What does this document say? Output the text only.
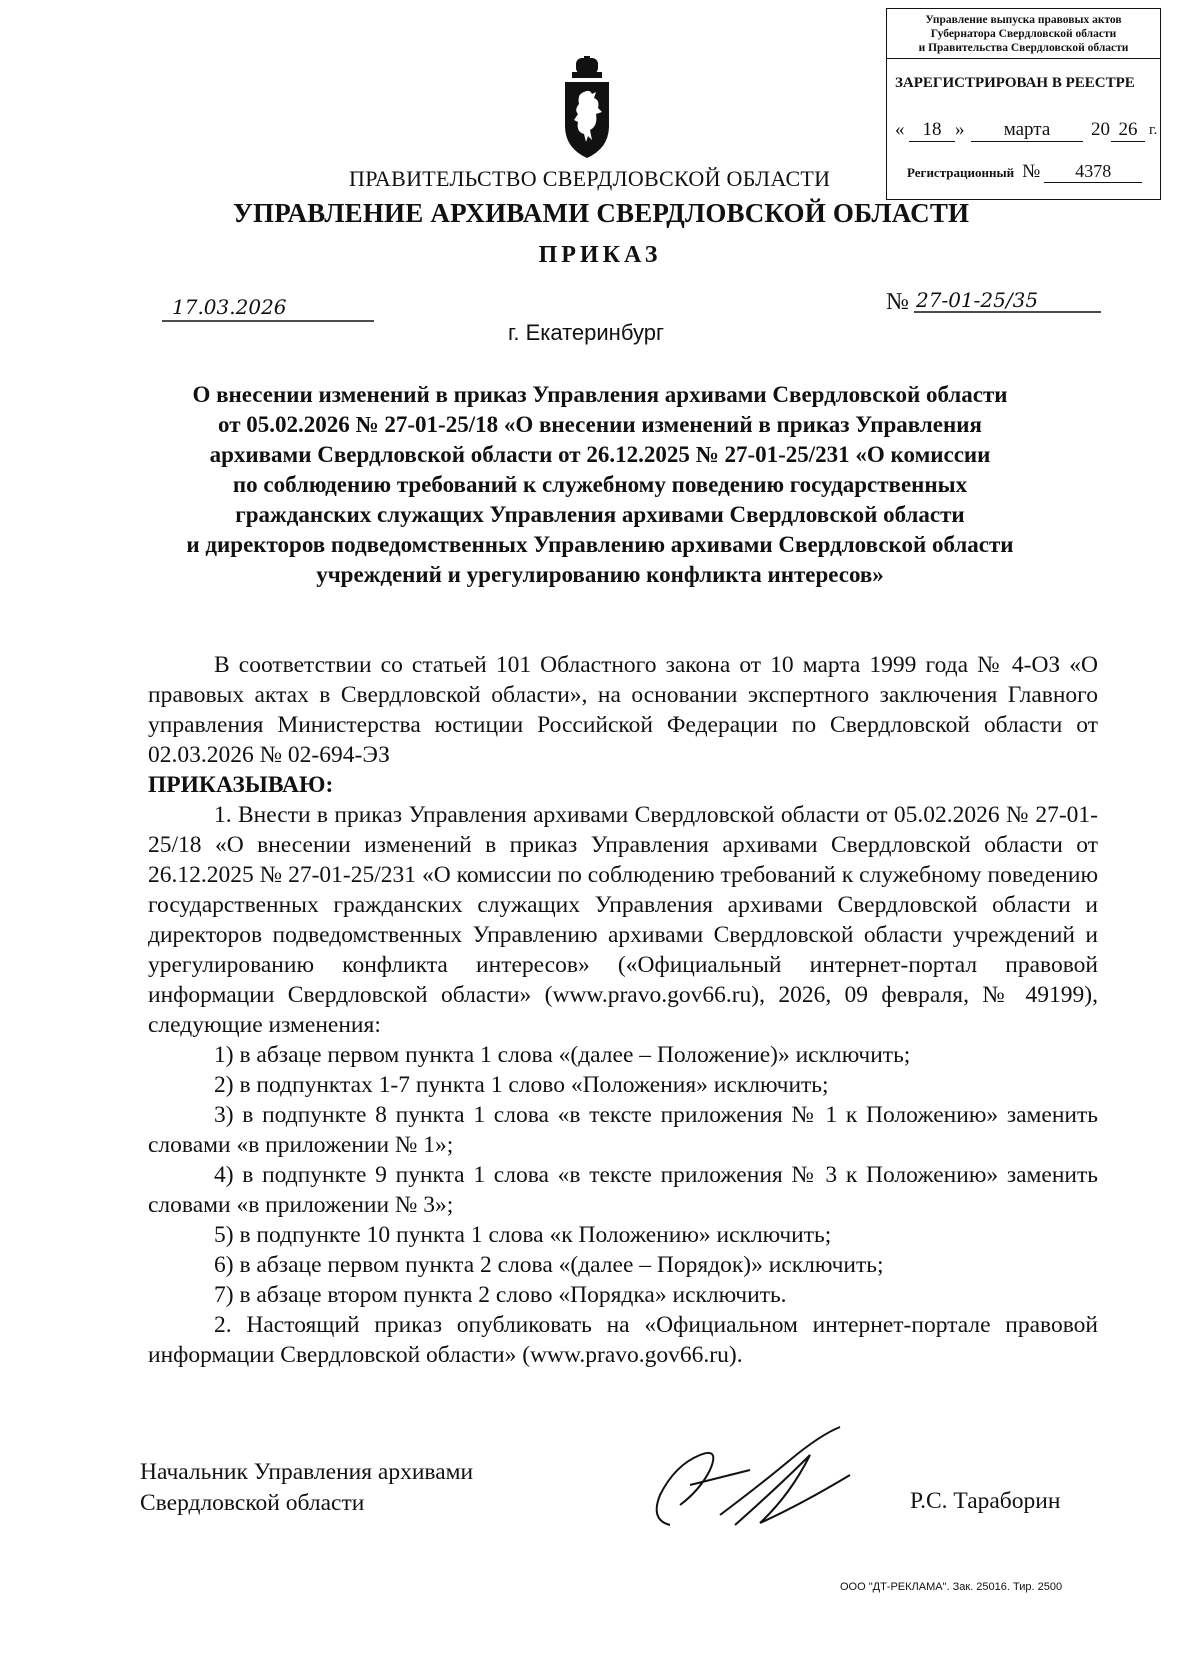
Управление выпуска правовых актов
Губернатора Свердловской области
и Правительства Свердловской области
ЗАРЕГИСТРИРОВАН В РЕЕСТРЕ
« 18 »	марта	20 26 г.
Регистрационный № 4378
ПРАВИТЕЛЬСТВО СВЕРДЛОВСКОЙ ОБЛАСТИ
УПРАВЛЕНИЕ АРХИВАМИ СВЕРДЛОВСКОЙ ОБЛАСТИ
ПРИКАЗ
17.03.2026	№ 27-01-25/35
г. Екатеринбург
О внесении изменений в приказ Управления архивами Свердловской области
от 05.02.2026 № 27-01-25/18 «О внесении изменений в приказ Управления
архивами Свердловской области от 26.12.2025 № 27-01-25/231 «О комиссии
по соблюдению требований к служебному поведению государственных
гражданских служащих Управления архивами Свердловской области
и директоров подведомственных Управлению архивами Свердловской области
учреждений и урегулированию конфликта интересов»

В соответствии со статьей 101 Областного закона от 10 марта 1999 года № 4-ОЗ «О правовых актах в Свердловской области», на основании экспертного заключения Главного управления Министерства юстиции Российской Федерации по Свердловской области от 02.03.2026 № 02-694-ЭЗ

ПРИКАЗЫВАЮ:

1. Внести в приказ Управления архивами Свердловской области от 05.02.2026 № 27-01-25/18 «О внесении изменений в приказ Управления архивами Свердловской области от 26.12.2025 № 27-01-25/231 «О комиссии по соблюдению требований к служебному поведению государственных гражданских служащих Управления архивами Свердловской области и директоров подведомственных Управлению архивами Свердловской области учреждений и урегулированию конфликта интересов» («Официальный интернет-портал правовой информации Свердловской области» (www.pravo.gov66.ru), 2026, 09 февраля, № 49199), следующие изменения:

1) в абзаце первом пункта 1 слова «(далее – Положение)» исключить;

2) в подпунктах 1-7 пункта 1 слово «Положения» исключить;

3) в подпункте 8 пункта 1 слова «в тексте приложения № 1 к Положению» заменить словами «в приложении № 1»;

4) в подпункте 9 пункта 1 слова «в тексте приложения № 3 к Положению» заменить словами «в приложении № 3»;

5) в подпункте 10 пункта 1 слова «к Положению» исключить;

6) в абзаце первом пункта 2 слова «(далее – Порядок)» исключить;

7) в абзаце втором пункта 2 слово «Порядка» исключить.

2. Настоящий приказ опубликовать на «Официальном интернет-портале правовой информации Свердловской области» (www.pravo.gov66.ru).

Начальник Управления архивами
Свердловской области	Р.С. Тараборин
ООО "ДТ-РЕКЛАМА". Зак. 25016. Тир. 2500
